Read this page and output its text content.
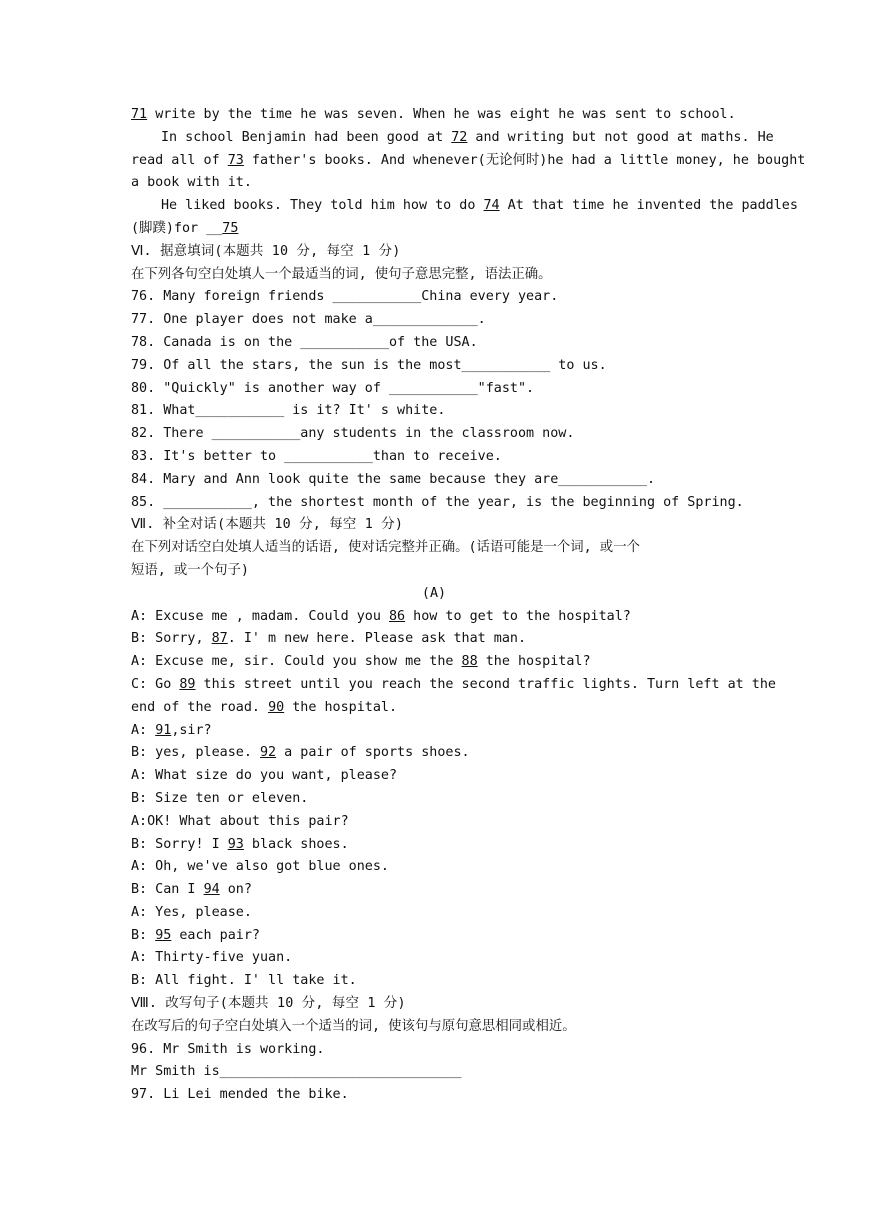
71 write by the time he was seven. When he was eight he was sent to school.
In school Benjamin had been good at 72 and writing but not good at maths. He
read all of 73 father's books. And whenever(无论何时)he had a little money, he bought
a book with it.
He liked books. They told him how to do 74 At that time he invented the paddles
(脚蹼)for __75
Ⅵ. 据意填词(本题共 10 分, 每空 1 分)
在下列各句空白处填人一个最适当的词, 使句子意思完整, 语法正确。
76. Many foreign friends ___________China every year.
77. One player does not make a_____________.
78. Canada is on the ___________of the USA.
79. Of all the stars, the sun is the most___________ to us.
80. "Quickly" is another way of ___________"fast".
81. What___________ is it? It' s white.
82. There ___________any students in the classroom now.
83. It's better to ___________than to receive.
84. Mary and Ann look quite the same because they are___________.
85. ___________, the shortest month of the year, is the beginning of Spring.
Ⅶ. 补全对话(本题共 10 分, 每空 1 分)
在下列对话空白处填人适当的话语, 使对话完整并正确。(话语可能是一个词, 或一个
短语, 或一个句子)
(A)
A: Excuse me , madam. Could you 86 how to get to the hospital?
B: Sorry, 87. I' m new here. Please ask that man.
A: Excuse me, sir. Could you show me the 88 the hospital?
C: Go 89 this street until you reach the second traffic lights. Turn left at the
end of the road. 90 the hospital.
A: 91,sir?
B: yes, please. 92 a pair of sports shoes.
A: What size do you want, please?
B: Size ten or eleven.
A:OK! What about this pair?
B: Sorry! I 93 black shoes.
A: Oh, we've also got blue ones.
B: Can I 94 on?
A: Yes, please.
B: 95 each pair?
A: Thirty-five yuan.
B: All fight. I' ll take it.
Ⅷ. 改写句子(本题共 10 分, 每空 1 分)
在改写后的句子空白处填入一个适当的词, 使该句与原句意思相同或相近。
96. Mr Smith is working.
Mr Smith is______________________________
97. Li Lei mended the bike.
